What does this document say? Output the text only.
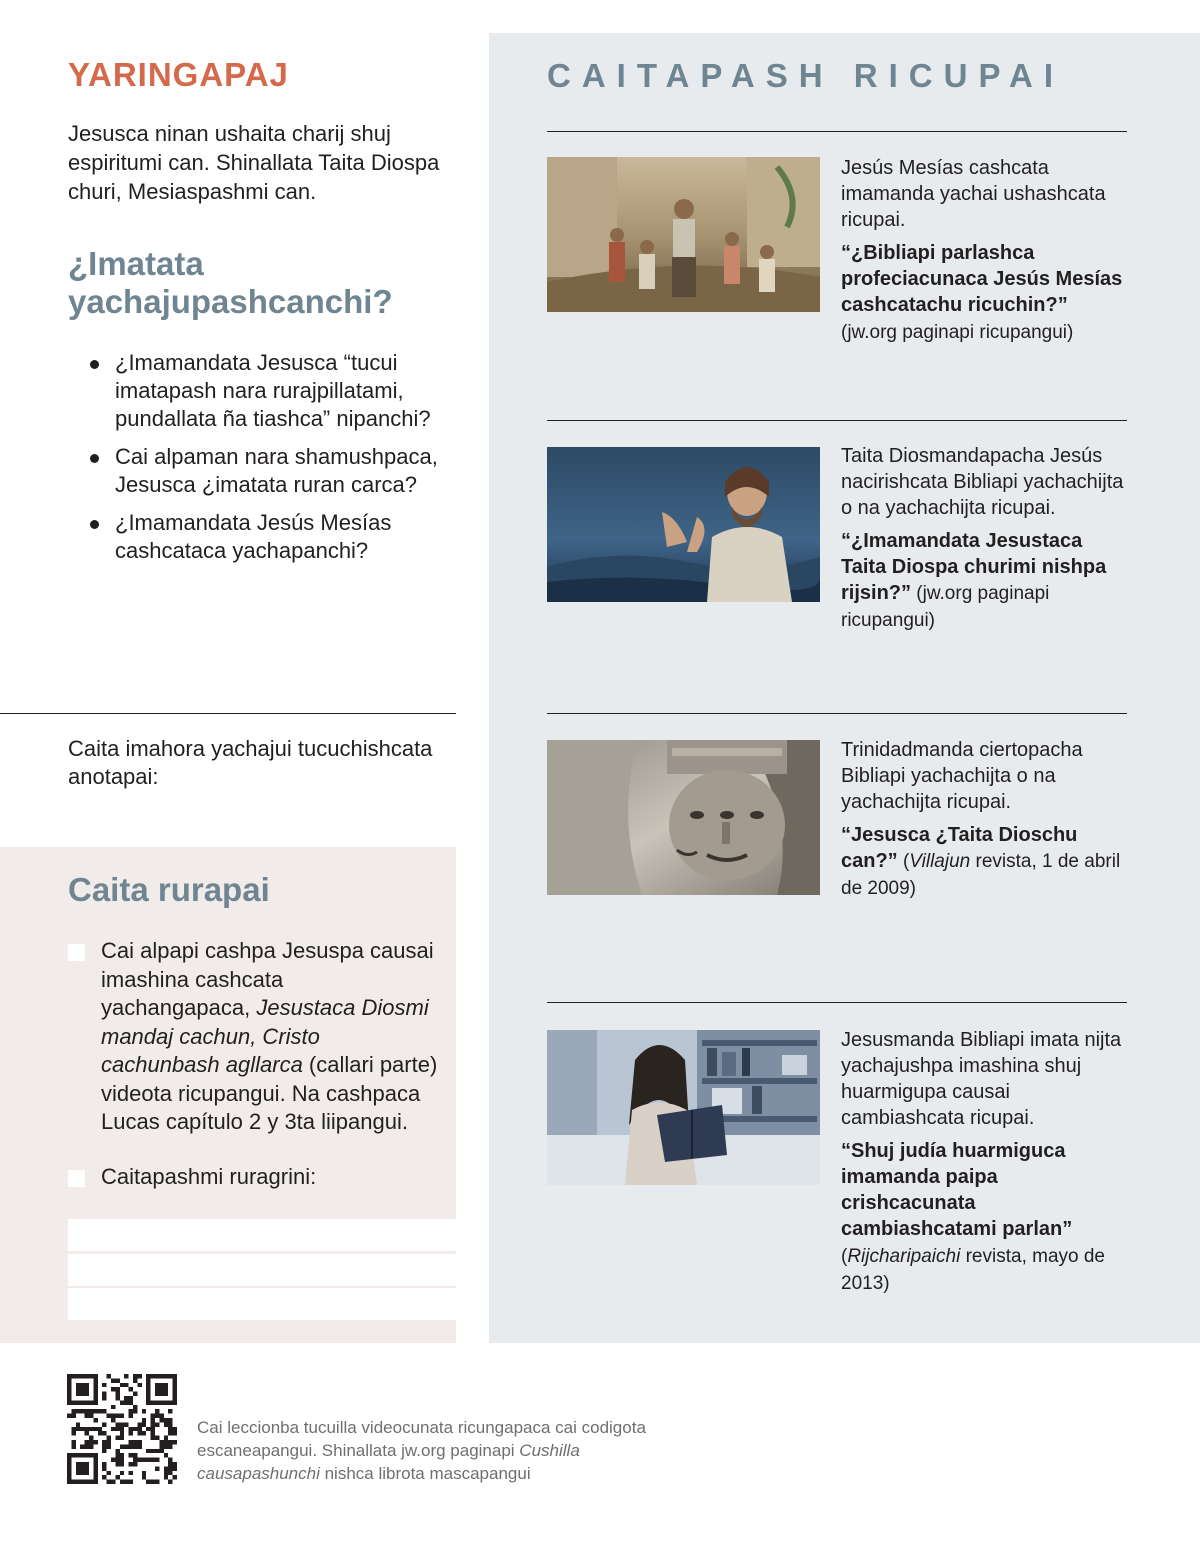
YARINGAPAJ

Jesusca ninan ushaita charij shuj espiritumi can. Shinallata Taita Diospa churi, Mesiaspashmi can.

¿Imatata yachajupashcanchi?
¿Imamandata Jesusca “tucui imatapash nara rurajpillatami, pundallata ña tiashca” nipanchi?
Cai alpaman nara shamushpaca, Jesusca ¿imatata ruran carca?
¿Imamandata Jesús Mesías cashcataca yachapanchi?

Caita imahora yachajui tucuchishcata anotapai:

Caita rurapai
Cai alpapi cashpa Jesuspa causai imashina cashcata yachangapaca, Jesustaca Diosmi mandaj cachun, Cristo cachunbash agllarca (callari parte) videota ricupangui. Na cashpaca Lucas capítulo 2 y 3ta liipangui.
Caitapashmi ruragrini:
CAITAPASH RICUPAI
Jesús Mesías cashcata imamanda yachai ushashcata ricupai.
“¿Bibliapi parlashca profeciacunaca Jesús Mesías cashcatachu ricuchin?” (jw.org paginapi ricupangui)
Taita Diosmandapacha Jesús nacirishcata Bibliapi yachachijta o na yachachijta ricupai.
“¿Imamandata Jesustaca Taita Diospa churimi nishpa rijsin?” (jw.org paginapi ricupangui)
Trinidadmanda ciertopacha Bibliapi yachachijta o na yachachijta ricupai.
“Jesusca ¿Taita Dioschu can?” (Villajun revista, 1 de abril de 2009)
Jesusmanda Bibliapi imata nijta yachajushpa imashina shuj huarmigupa causai cambiashcata ricupai.
“Shuj judía huarmiguca imamanda paipa crishcacunata cambiashcatami parlan” (Rijcharipaichi revista, mayo de 2013)

Cai leccionba tucuilla videocunata ricungapaca cai codigota escaneapangui. Shinallata jw.org paginapi Cushilla causapashunchi nishca librota mascapangui
